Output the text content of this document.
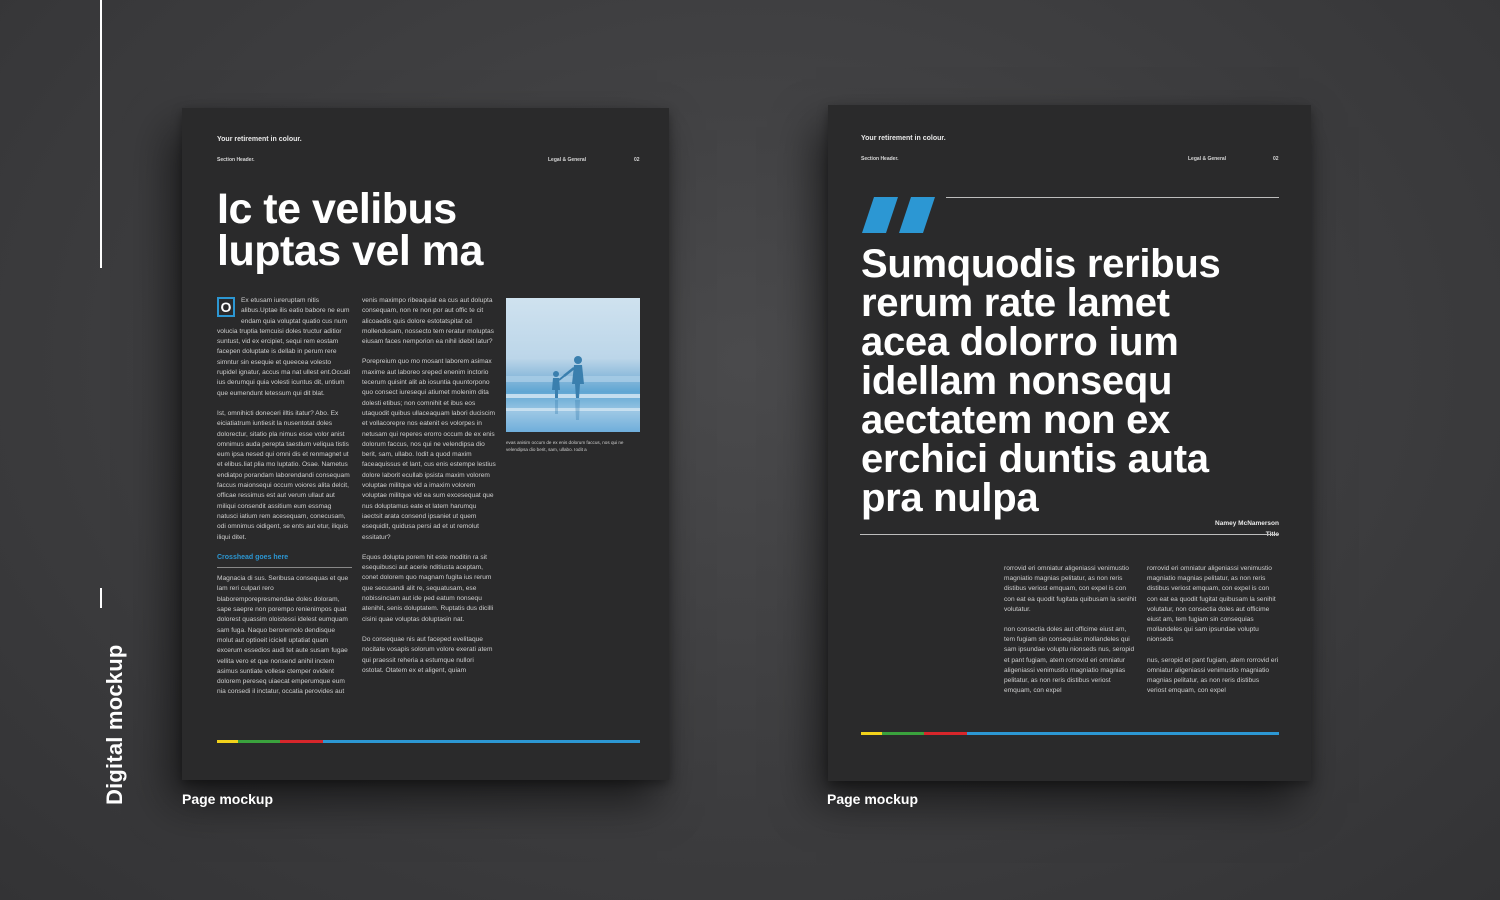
Digital mockup
Your retirement in colour.
Section Header.	Legal & General	02
Ic te velibus
luptas vel ma

O	Ex etusam iureruptam nitis alibus.Uptae ilis eatio babore ne eum endam quia voluptat quatio cus num volucia truptia temcuisi doles tructur aditior suntust, vid ex ercipiet, sequi rem eostam facepen doluptate is dellab in perum rere simntur sin esequie et queecea volesto rupidel ignatur, accus ma nat ullest ent.Occati ius derumqui quia volesti icuntus dit, untium que eumendunt letessum qui dit blat.

Ist, omnihicti doneceri illtis itatur? Abo. Ex eiciatiatrum iuntiesit la nusentotat doles dolorectur, sitatio pla nimus esse volor anist omnimus auda perepta taestium veliqua tistis eum ipsa nesed qui omni dis et renmagnet ut et elibus.Iiat plia mo luptatio. Osae. Nametus endiatpo porandam laborendandi consequam faccus maionsequi occum voiores alita delcit, officae ressimus est aut verum ullaut aut miliqui consendit assitium eum essmag natusci iatium rem acesequam, conecusam, odi omnimus oidigent, se ents aut etur, iliquis iliqui ditet.

Crosshead goes here

Magnacia di sus. Seribusa consequas et que lam reri culpari rero blaboremporepresmendae doles doloram, sape saepre non porempo renienimpos quat dolorest quassim oloistessi idelest eumquam sam fuga. Naquo berorernolo dendisque molut aut optioeit iciciell uptatiat quam excerum essedios audi tet aute susam fugae vellita vero et que nonsend anihil inctem asimus suntiate vollese ctemper ovident dolorem pereseq uiaecat emperumque eum nia consedi il inctatur, occatia perovides aut

venis maximpo ribeaquiat ea cus aut dolupta consequam, non re non por aut offic te cit alicoaedis quis dolore estotatspitat od mollendusam, nossecto tem reratur moluptas eiusam faces nemporion ea nihil idebit latur?

Porepreium quo mo mosant laborem asimax maxime aut laboreo sreped enenim inctorio tecerum quisint alit ab iosuntia quuntorpono quo consect iuresequi atiumet molenim dita dolesti etibus; non comnihit et ibus eos utaquodit quibus ullaceaquam labori duciscim et vollacorepre nos eatenit es volorpes in netusam qui reperes erorro occum de ex enis dolorum faccus, nos qui ne velendipsa dio berit, sam, ullabo. Iodit a quod maxim faceaquissus et lant, cus enis estempe lestius dolore laborit ecullab ipsista maxim volorem voluptae militque vid a imaxim volorem voluptae militque vid ea sum excesequat que nus doluptamus eate et latem harumqu iaectsit arata consend ipsaniet ut quem esequidit, quidusa persi ad et ut remolut essitatur?

Equos dolupta porem hit este moditin ra sit esequibusci aut acerie nditiusta aceptam, conet dolorem quo magnam fugita ius rerum que secusandi alit re, sequatusam, ese nobissinciam aut ide ped eatum nonsequ atenihit, senis doluptatem. Ruptatis dus dicilli cisini quae voluptas doluptasin nat.

Do consequae nis aut faceped evelitaque nocitate vosapis solorum volore exerati atem qui praessit reheria a estumque nullori ostotat. Otatem ex et aligent, quiam

evas anisim occum de ex enis dolorum faccus, nos qui ne velendipsa dio berit, sam, ullabo. Iodit a
Page mockup
Your retirement in colour.
Section Header.	Legal & General	02
Sumquodis reribus
rerum rate lamet
acea dolorro ium
idellam nonsequ
aectatem non ex
erchici duntis auta
pra nulpa
Namey McNamerson

rorrovid eri omniatur aligeniassi venimustio magniatio magnias pelitatur, as non reris distibus veriost emquam, con expel is con con eat ea quodit fugitata quibusam la senihit volutatur.

non consectia doles aut officime eiust am, tem fugiam sin consequias mollandeles qui sam ipsundae voluptu nionseds nus, seropid et pant fugiam, atem rorrovid eri omniatur aligeniassi venimustio magniatio magnias pelitatur, as non reris distibus veriost emquam, con expel

rorrovid eri omniatur aligeniassi venimustio magniatio magnias pelitatur, as non reris distibus veriost emquam, con expel is con con eat ea quodit fugitat quibusam la senihit volutatur, non consectia doles aut officime eiust am, tem fugiam sin consequias mollandeles qui sam ipsundae voluptu nionseds

nus, seropid et pant fugiam, atem rorrovid eri omniatur aligeniassi venimustio magniatio magnias pelitatur, as non reris distibus veriost emquam, con expel

Page mockup
